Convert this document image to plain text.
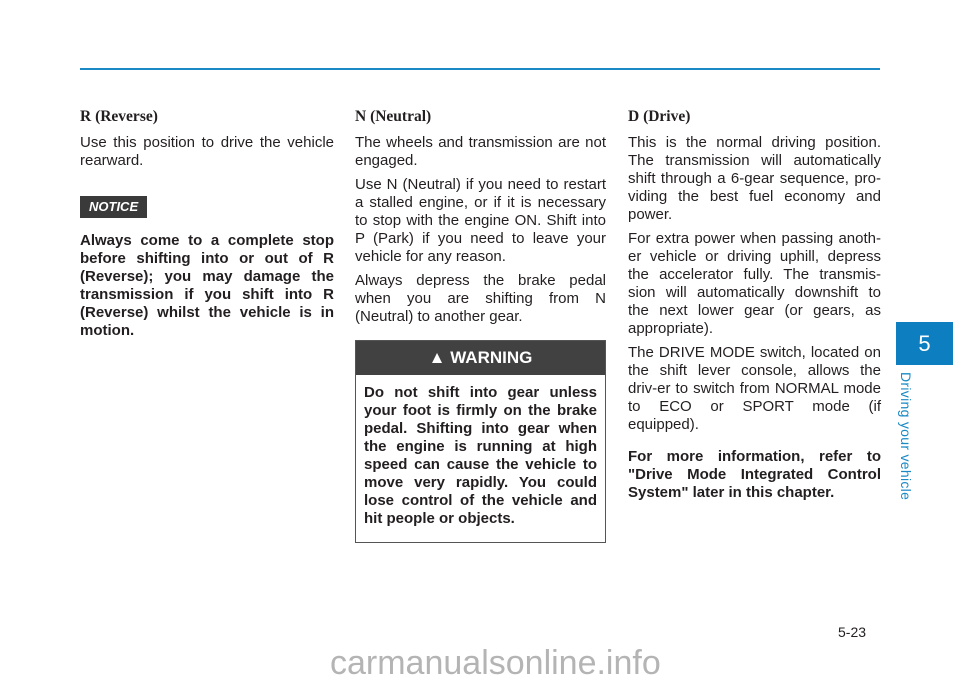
R (Reverse)

Use this position to drive the vehicle rearward.

NOTICE

Always come to a complete stop before shifting into or out of R (Reverse); you may damage the transmission if you shift into R (Reverse) whilst the vehicle is in motion.

N (Neutral)

The wheels and transmission are not engaged.

Use N (Neutral) if you need to restart a stalled engine, or if it is necessary to stop with the engine ON. Shift into P (Park) if you need to leave your vehicle for any reason.

Always depress the brake pedal when you are shifting from N (Neutral) to another gear.

▲ WARNING
Do not shift into gear unless your foot is firmly on the brake pedal. Shifting into gear when the engine is running at high speed can cause the vehicle to move very rapidly. You could lose control of the vehicle and hit people or objects.
D (Drive)

This is the normal driving position. The transmission will automatically shift through a 6-gear sequence, pro-viding the best fuel economy and power.

For extra power when passing anoth-er vehicle or driving uphill, depress the accelerator fully. The transmis-sion will automatically downshift to the next lower gear (or gears, as appropriate).

The DRIVE MODE switch, located on the shift lever console, allows the driv-er to switch from NORMAL mode to ECO or SPORT mode (if equipped).

For more information, refer to "Drive Mode Integrated Control System" later in this chapter.

5
Driving your vehicle
5-23
carmanualsonline.info
